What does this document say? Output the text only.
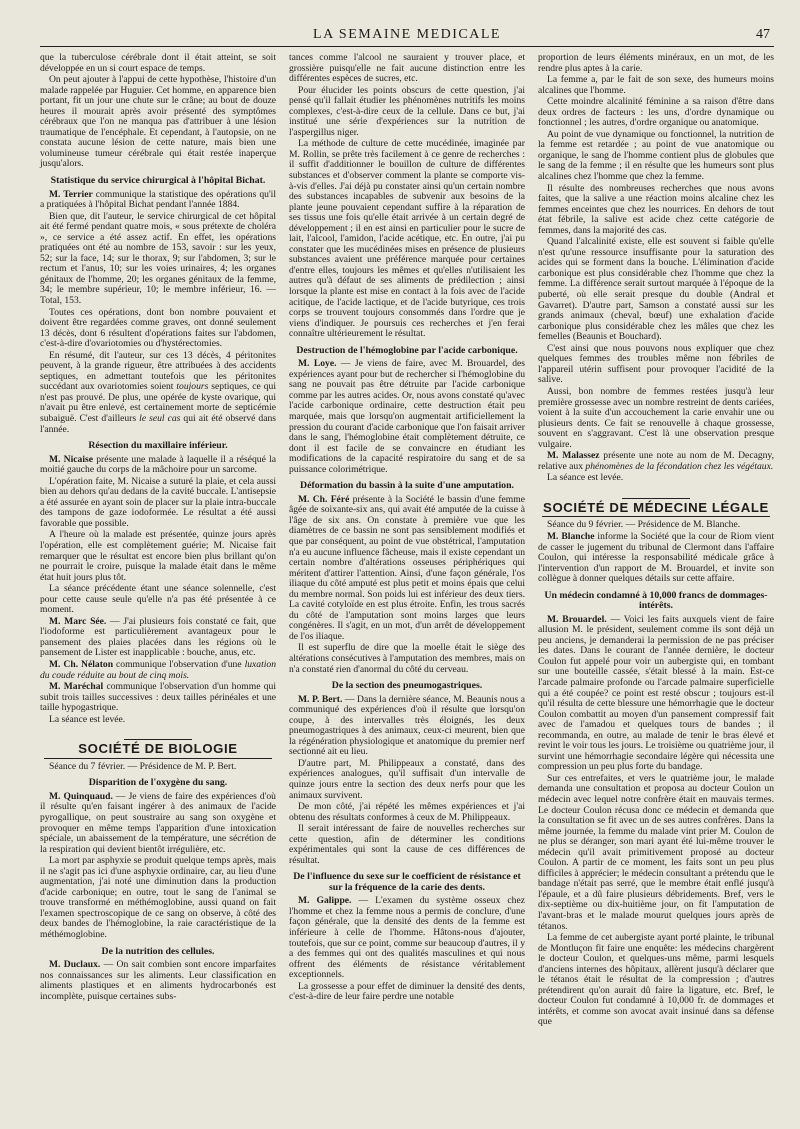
LA SEMAINE MEDICALE	47

que la tuberculose cérébrale dont il était atteint, se soit développée en un si court espace de temps.

On peut ajouter à l'appui de cette hypothèse, l'histoire d'un malade rappelée par Huguier. Cet homme, en apparence bien portant, fit un jour une chute sur le crâne; au bout de douze heures il mourait après avoir présenté des symptômes cérébraux que l'on ne manqua pas d'attribuer à une lésion traumatique de l'encéphale. Et cependant, à l'autopsie, on ne constata aucune lésion de cette nature, mais bien une volumineuse tumeur cérébrale qui était restée inaperçue jusqu'alors.

Statistique du service chirurgical à l'hôpital Bichat.

M. Terrier communique la statistique des opérations qu'il a pratiquées à l'hôpital Bichat pendant l'année 1884.

Bien que, dit l'auteur, le service chirurgical de cet hôpital ait été fermé pendant quatre mois, « sous prétexte de choléra », ce service a été assez actif. En effet, les opérations pratiquées ont été au nombre de 153, savoir : sur les yeux, 52; sur la face, 14; sur le thorax, 9; sur l'abdomen, 3; sur le rectum et l'anus, 10; sur les voies urinaires, 4; les organes génitaux de l'homme, 20; les organes génitaux de la femme, 34; le membre supérieur, 10; le membre inférieur, 16. — Total, 153.

Toutes ces opérations, dont bon nombre pouvaient et doivent être regardées comme graves, ont donné seulement 13 décès, dont 6 résultent d'opérations faites sur l'abdomen, c'est-à-dire d'ovariotomies ou d'hystérectomies.

En résumé, dit l'auteur, sur ces 13 décès, 4 péritonites peuvent, à la grande rigueur, être attribuées à des accidents septiques, en admettant toutefois que les péritonites succédant aux ovariotomies soient toujours septiques, ce qui n'est pas prouvé. De plus, une opérée de kyste ovarique, qui n'avait pu être enlevé, est certainement morte de septicémie subaiguë. C'est d'ailleurs le seul cas qui ait été observé dans l'année.

Résection du maxillaire inférieur.

M. Nicaise présente une malade à laquelle il a réséqué la moitié gauche du corps de la mâchoire pour un sarcome.

L'opération faite, M. Nicaise a suturé la plaie, et cela aussi bien au dehors qu'au dedans de la cavité buccale. L'antisepsie a été assurée en ayant soin de placer sur la plaie intra-buccale des tampons de gaze iodoformée. Le résultat a été aussi favorable que possible.

A l'heure où la malade est présentée, quinze jours après l'opération, elle est complètement guérie; M. Nicaise fait remarquer que le résultat est encore bien plus brillant qu'on ne pourrait le croire, puisque la malade était dans le même état huit jours plus tôt.

La séance précédente étant une séance solennelle, c'est pour cette cause seule qu'elle n'a pas été présentée à ce moment.

M. Marc Sée. — J'ai plusieurs fois constaté ce fait, que l'iodoforme est particulièrement avantageux pour le pansement des plaies placées dans les régions où le pansement de Lister est inapplicable : bouche, anus, etc.

M. Ch. Nélaton communique l'observation d'une luxation du coude réduite au bout de cinq mois.

M. Maréchal communique l'observation d'un homme qui subit trois tailles successives : deux tailles périnéales et une taille hypogastrique.

La séance est levée.

SOCIÉTÉ DE BIOLOGIE

Séance du 7 février. — Présidence de M. P. Bert.

Disparition de l'oxygène du sang.

M. Quinquaud. — Je viens de faire des expériences d'où il résulte qu'en faisant ingérer à des animaux de l'acide pyrogallique, on peut soustraire au sang son oxygène et provoquer en même temps l'apparition d'une intoxication spéciale, un abaissement de la température, une sécrétion de la respiration qui devient bientôt irrégulière, etc.

La mort par asphyxie se produit quelque temps après, mais il ne s'agit pas ici d'une asphyxie ordinaire, car, au lieu d'une augmentation, j'ai noté une diminution dans la production d'acide carbonique; en outre, tout le sang de l'animal se trouve transformé en méthémoglobine, aussi quand on fait l'examen spectroscopique de ce sang on observe, à côté des deux bandes de l'hémoglobine, la raie caractéristique de la méthémoglobine.

De la nutrition des cellules.

M. Duclaux. — On sait combien sont encore imparfaites nos connaissances sur les aliments. Leur classification en aliments plastiques et en aliments hydrocarbonés est incomplète, puisque certaines subs-

tances comme l'alcool ne sauraient y trouver place, et grossière puisqu'elle ne fait aucune distinction entre les différentes espèces de sucres, etc.

Pour élucider les points obscurs de cette question, j'ai pensé qu'il fallait étudier les phénomènes nutritifs les moins complexes, c'est-à-dire ceux de la cellule. Dans ce but, j'ai institué une série d'expériences sur la nutrition de l'aspergillus niger.

La méthode de culture de cette mucédinée, imaginée par M. Rollin, se prête très facilement à ce genre de recherches : il suffit d'additionner le bouillon de culture de différentes substances et d'observer comment la plante se comporte vis-à-vis d'elles. J'ai déjà pu constater ainsi qu'un certain nombre des substances incapables de subvenir aux besoins de la plante jeune pouvaient cependant suffire à la réparation de ses tissus une fois qu'elle était arrivée à un certain degré de développement ; il en est ainsi en particulier pour le sucre de lait, l'alcool, l'amidon, l'acide acétique, etc. En outre, j'ai pu constater que les mucédinées mises en présence de plusieurs substances avaient une préférence marquée pour certaines d'entre elles, toujours les mêmes et qu'elles n'utilisaient les autres qu'à défaut de ses aliments de prédilection ; ainsi lorsque la plante est mise en contact à la fois avec de l'acide acitique, de l'acide lactique, et de l'acide butyrique, ces trois corps se trouvent toujours consommés dans l'ordre que je viens d'indiquer. Je poursuis ces recherches et j'en ferai connaître ultérieurement le résultat.

Destruction de l'hémoglobine par l'acide carbonique.

M. Loye. — Je viens de faire, avec M. Brouardel, des expériences ayant pour but de rechercher si l'hémoglobine du sang ne pouvait pas être détruite par l'acide carbonique comme par les autres acides. Or, nous avons constaté qu'avec l'acide carbonique ordinaire, cette destruction était peu marquée, mais que lorsqu'on augmentait artificiellement la pression du courant d'acide carbonique que l'on faisait arriver dans le sang, l'hémoglobine était complètement détruite, ce dont il est facile de se convaincre en étudiant les modifications de la capacité respiratoire du sang et de sa puissance colorimétrique.

Déformation du bassin à la suite d'une amputation.

M. Ch. Féré présente à la Société le bassin d'une femme âgée de soixante-six ans, qui avait été amputée de la cuisse à l'âge de six ans. On constate à première vue que les diamètres de ce bassin ne sont pas sensiblement modifiés et que par conséquent, au point de vue obstétrical, l'amputation n'a eu aucune influence fâcheuse, mais il existe cependant un certain nombre d'altérations osseuses périphériques qui méritent d'attirer l'attention. Ainsi, d'une façon générale, l'os iliaque du côté amputé est plus petit et moins épais que celui du membre normal. Son poids lui est inférieur des deux tiers. La cavité cotyloïde en est plus étroite. Enfin, les trous sacrés du côté de l'amputation sont moins larges que leurs congénères. Il s'agit, en un mot, d'un arrêt de développement de l'os iliaque.

Il est superflu de dire que la moelle était le siège des altérations consécutives à l'amputation des membres, mais on n'a constaté rien d'anormal du côté du cerveau.

De la section des pneumogastriques.

M. P. Bert. — Dans la dernière séance, M. Beaunis nous a communiqué des expériences d'où il résulte que lorsqu'on coupe, à des intervalles très éloignés, les deux pneumogastriques à des animaux, ceux-ci meurent, bien que la régénération physiologique et anatomique du premier nerf sectionné ait eu lieu.

D'autre part, M. Philippeaux a constaté, dans des expériences analogues, qu'il suffisait d'un intervalle de quinze jours entre la section des deux nerfs pour que les animaux survivent.

De mon côté, j'ai répété les mêmes expériences et j'ai obtenu des résultats conformes à ceux de M. Philippeaux.

Il serait intéressant de faire de nouvelles recherches sur cette question, afin de déterminer les conditions expérimentales qui sont la cause de ces différences de résultat.

De l'influence du sexe sur le coefficient de résistance et sur la fréquence de la carie des dents.

M. Galippe. — L'examen du système osseux chez l'homme et chez la femme nous a permis de conclure, d'une façon générale, que la densité des dents de la femme est inférieure à celle de l'homme. Hâtons-nous d'ajouter, toutefois, que sur ce point, comme sur beaucoup d'autres, il y a des femmes qui ont des qualités masculines et qui nous offrent des éléments de résistance véritablement exceptionnels.

La grossesse a pour effet de diminuer la densité des dents, c'est-à-dire de leur faire perdre une notable

proportion de leurs éléments minéraux, en un mot, de les rendre plus aptes à la carie.

La femme a, par le fait de son sexe, des humeurs moins alcalines que l'homme.

Cette moindre alcalinité féminine a sa raison d'être dans deux ordres de facteurs : les uns, d'ordre dynamique ou fonctionnel ; les autres, d'ordre organique ou anatomique.

Au point de vue dynamique ou fonctionnel, la nutrition de la femme est retardée ; au point de vue anatomique ou organique, le sang de l'homme contient plus de globules que le sang de la femme ; il en résulte que les humeurs sont plus alcalines chez l'homme que chez la femme.

Il résulte des nombreuses recherches que nous avons faites, que la salive a une réaction moins alcaline chez les femmes enceintes que chez les nourrices. En dehors de tout état fébrile, la salive est acide chez cette catégorie de femmes, dans la majorité des cas.

Quand l'alcalinité existe, elle est souvent si faible qu'elle n'est qu'une ressource insuffisante pour la saturation des acides qui se forment dans la bouche. L'élimination d'acide carbonique est plus considérable chez l'homme que chez la femme. La différence serait surtout marquée à l'époque de la puberté, où elle serait presque du double (Andral et Gavarret). D'autre part, Samson a constaté aussi sur les grands animaux (cheval, bœuf) une exhalation d'acide carbonique plus considérable chez les mâles que chez les femelles (Beaunis et Bouchard).

C'est ainsi que nous pouvons nous expliquer que chez quelques femmes des troubles même non fébriles de l'appareil utérin suffisent pour provoquer l'acidité de la salive.

Aussi, bon nombre de femmes restées jusqu'à leur première grossesse avec un nombre restreint de dents cariées, voient à la suite d'un accouchement la carie envahir une ou plusieurs dents. Ce fait se renouvelle à chaque grossesse, souvent en s'aggravant. C'est là une observation presque vulgaire.

M. Malassez présente une note au nom de M. Decagny, relative aux phénomènes de la fécondation chez les végétaux.

La séance est levée.

SOCIÉTÉ DE MÉDECINE LÉGALE

Séance du 9 février. — Présidence de M. Blanche.

M. Blanche informe la Société que la cour de Riom vient de casser le jugement du tribunal de Clermont dans l'affaire Coulon, qui intéresse la responsabilité médicale grâce à l'intervention d'un rapport de M. Brouardel, et invite son collègue à donner quelques détails sur cette affaire.

Un médecin condamné à 10,000 francs de dommages-intérêts.

M. Brouardel. — Voici les faits auxquels vient de faire allusion M. le président, seulement comme ils sont déjà un peu anciens, je demanderai la permission de ne pas préciser les dates. Dans le courant de l'année dernière, le docteur Coulon fut appelé pour voir un aubergiste qui, en tombant sur une bouteille cassée, s'était blessé à la main. Est-ce l'arcade palmaire profonde ou l'arcade palmaire superficielle qui a été coupée? ce point est resté obscur ; toujours est-il qu'il résulta de cette blessure une hémorrhagie que le docteur Coulon combattit au moyen d'un pansement compressif fait avec de l'amadou et quelques tours de bandes ; il recommanda, en outre, au malade de tenir le bras élevé et revint le voir tous les jours. Le troisième ou quatrième jour, il survint une hémorrhagie secondaire légère qui nécessita une compression un peu plus forte du bandage.

Sur ces entrefaites, et vers le quatrième jour, le malade demanda une consultation et proposa au docteur Coulon un médecin avec lequel notre confrère était en mauvais termes. Le docteur Coulon récusa donc ce médecin et demanda que la consultation se fit avec un de ses autres confrères. Dans la même journée, la femme du malade vint prier M. Coulon de ne plus se déranger, son mari ayant été lui-même trouver le médecin qu'il avait primitivement proposé au docteur Coulon. A partir de ce moment, les faits sont un peu plus difficiles à apprécier; le médecin consultant a prétendu que le bandage n'était pas serré, que le membre était enflé jusqu'à l'épaule, et a dû faire plusieurs débridements. Bref, vers le dix-septième ou dix-huitième jour, on fit l'amputation de l'avant-bras et le malade mourut quelques jours après de tétanos.

La femme de cet aubergiste ayant porté plainte, le tribunal de Montluçon fit faire une enquête: les médecins chargèrent le docteur Coulon, et quelques-uns même, parmi lesquels d'anciens internes des hôpitaux, allèrent jusqu'à déclarer que le tétanos était le résultat de la compression ; d'autres prétendirent qu'on aurait dû faire la ligature, etc. Bref, le docteur Coulon fut condamné à 10,000 fr. de dommages et intérêts, et comme son avocat avait insinué dans sa défense que
